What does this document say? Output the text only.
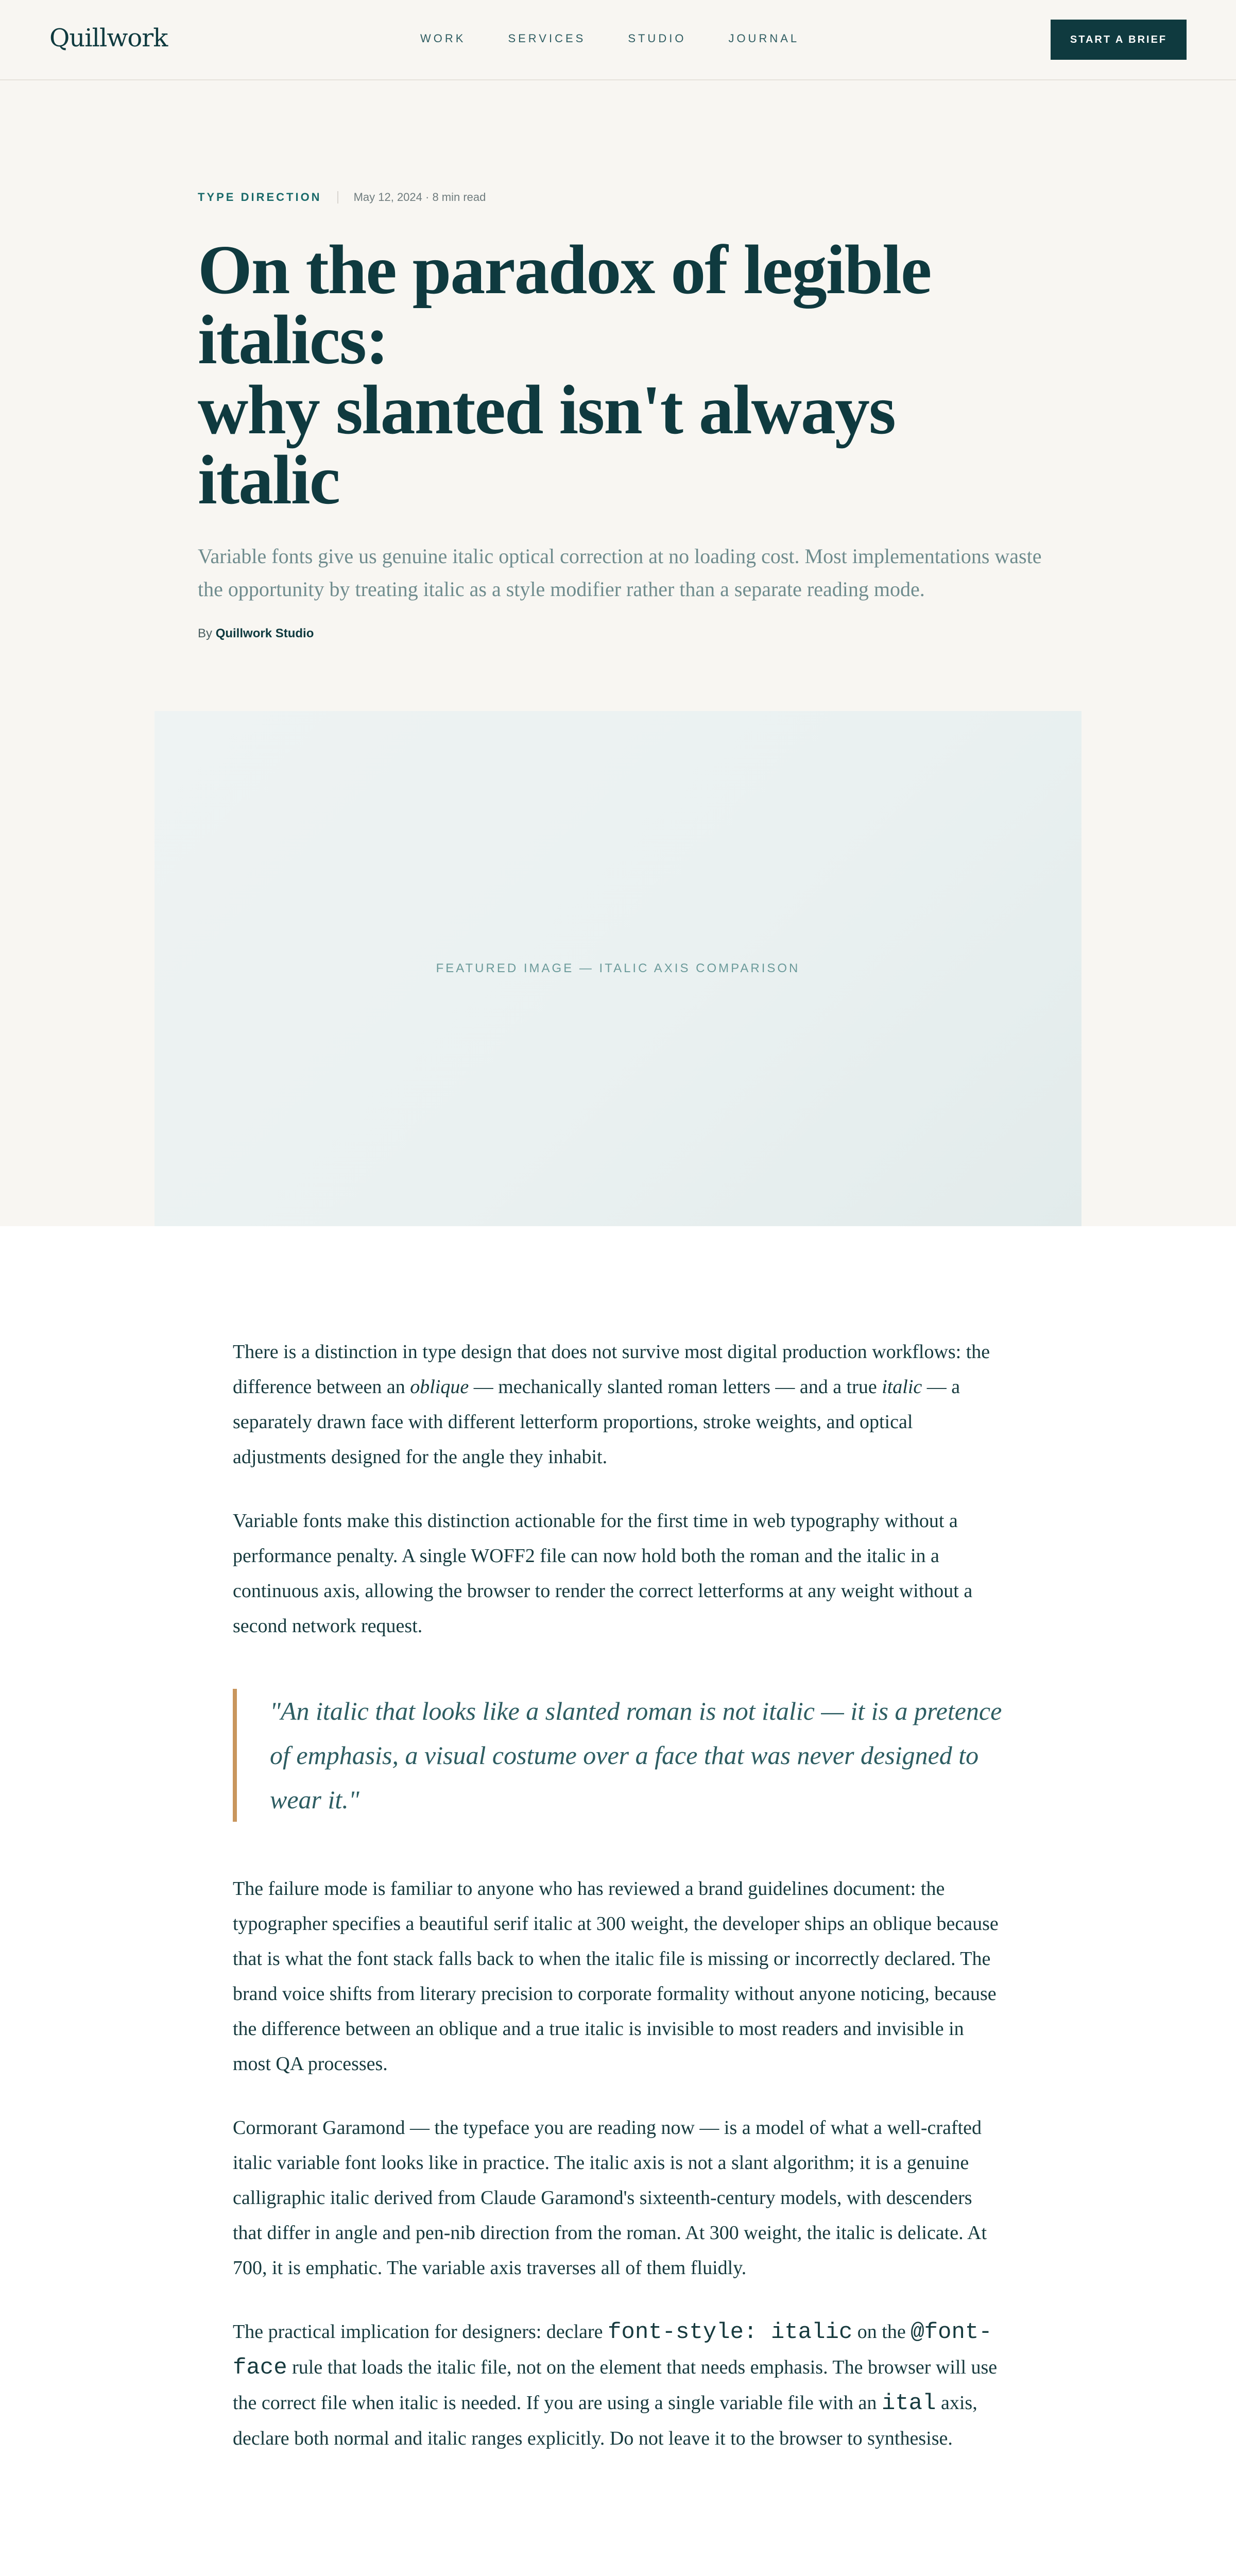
Quillwork	WORK	SERVICES	STUDIO	JOURNAL	START A BRIEF
TYPE DIRECTION	May 12, 2024 · 8 min read
On the paradox of legible italics:
why slanted isn't always italic

Variable fonts give us genuine italic optical correction at no loading cost. Most implementations waste the opportunity by treating italic as a style modifier rather than a separate reading mode.

By Quillwork Studio
FEATURED IMAGE — ITALIC AXIS COMPARISON

There is a distinction in type design that does not survive most digital production workflows: the difference between an oblique — mechanically slanted roman letters — and a true italic — a separately drawn face with different letterform proportions, stroke weights, and optical adjustments designed for the angle they inhabit.

Variable fonts make this distinction actionable for the first time in web typography without a performance penalty. A single WOFF2 file can now hold both the roman and the italic in a continuous axis, allowing the browser to render the correct letterforms at any weight without a second network request.

"An italic that looks like a slanted roman is not italic — it is a pretence of emphasis, a visual costume over a face that was never designed to wear it."

The failure mode is familiar to anyone who has reviewed a brand guidelines document: the typographer specifies a beautiful serif italic at 300 weight, the developer ships an oblique because that is what the font stack falls back to when the italic file is missing or incorrectly declared. The brand voice shifts from literary precision to corporate formality without anyone noticing, because the difference between an oblique and a true italic is invisible to most readers and invisible in most QA processes.

Cormorant Garamond — the typeface you are reading now — is a model of what a well-crafted italic variable font looks like in practice. The italic axis is not a slant algorithm; it is a genuine calligraphic italic derived from Claude Garamond's sixteenth-century models, with descenders that differ in angle and pen-nib direction from the roman. At 300 weight, the italic is delicate. At 700, it is emphatic. The variable axis traverses all of them fluidly.

The practical implication for designers: declare font-style: italic on the @font-face rule that loads the italic file, not on the element that needs emphasis. The browser will use the correct file when italic is needed. If you are using a single variable file with an ital axis, declare both normal and italic ranges explicitly. Do not leave it to the browser to synthesise.
